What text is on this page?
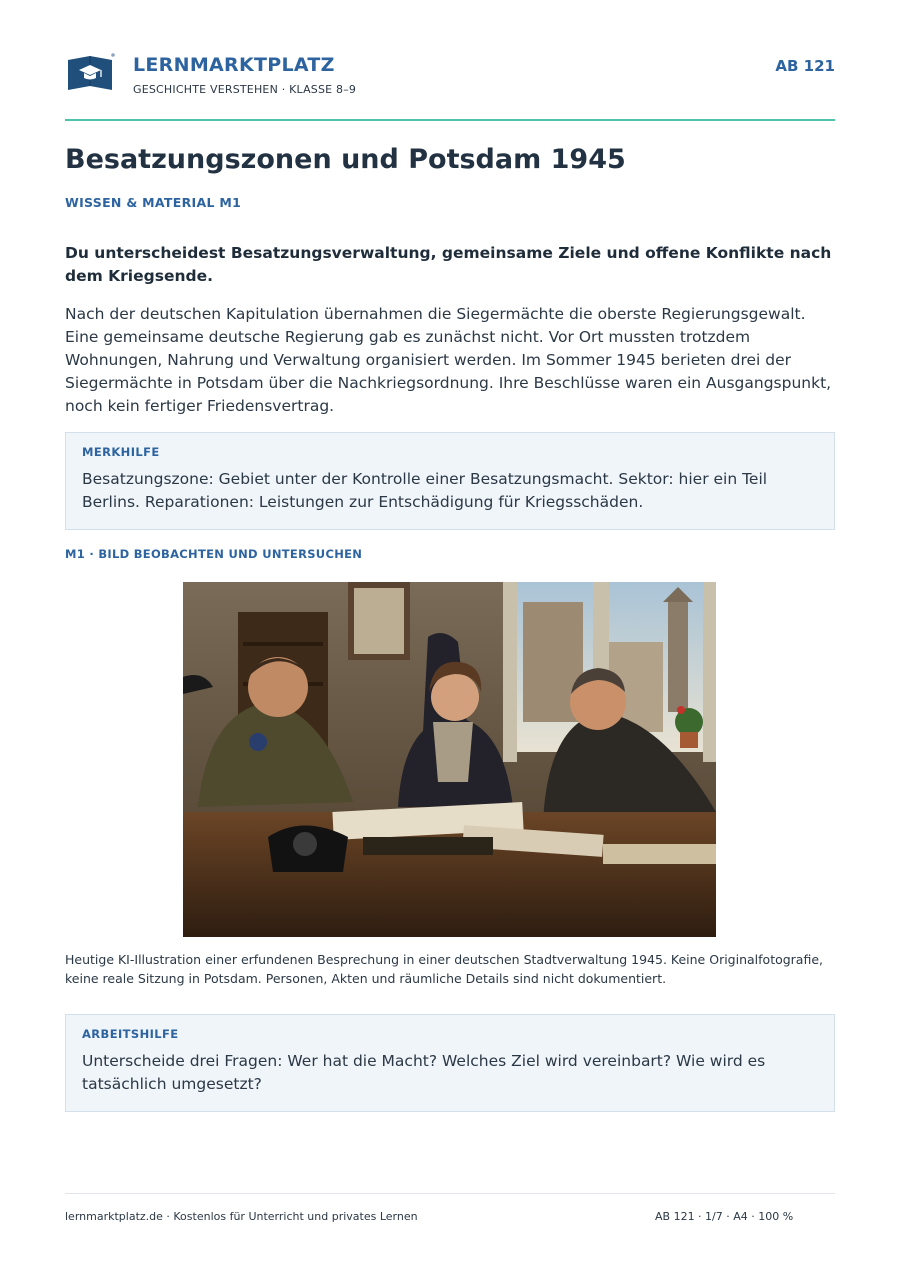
LERNMARKTPLATZ
GESCHICHTE VERSTEHEN · KLASSE 8–9
AB 121
Besatzungszonen und Potsdam 1945
WISSEN & MATERIAL M1

Du unterscheidest Besatzungsverwaltung, gemeinsame Ziele und offene Konflikte nach dem Kriegsende.

Nach der deutschen Kapitulation übernahmen die Siegermächte die oberste Regierungsgewalt. Eine gemeinsame deutsche Regierung gab es zunächst nicht. Vor Ort mussten trotzdem Wohnungen, Nahrung und Verwaltung organisiert werden. Im Sommer 1945 berieten drei der Siegermächte in Potsdam über die Nachkriegsordnung. Ihre Beschlüsse waren ein Ausgangspunkt, noch kein fertiger Friedensvertrag.

MERKHILFE
Besatzungszone: Gebiet unter der Kontrolle einer Besatzungsmacht. Sektor: hier ein Teil Berlins. Reparationen: Leistungen zur Entschädigung für Kriegsschäden.
M1 · BILD BEOBACHTEN UND UNTERSUCHEN

Heutige KI-Illustration einer erfundenen Besprechung in einer deutschen Stadtverwaltung 1945. Keine Originalfotografie, keine reale Sitzung in Potsdam. Personen, Akten und räumliche Details sind nicht dokumentiert.

ARBEITSHILFE
Unterscheide drei Fragen: Wer hat die Macht? Welches Ziel wird vereinbart? Wie wird es tatsächlich umgesetzt?
lernmarktplatz.de · Kostenlos für Unterricht und privates Lernen	AB 121 · 1/7 · A4 · 100 %
